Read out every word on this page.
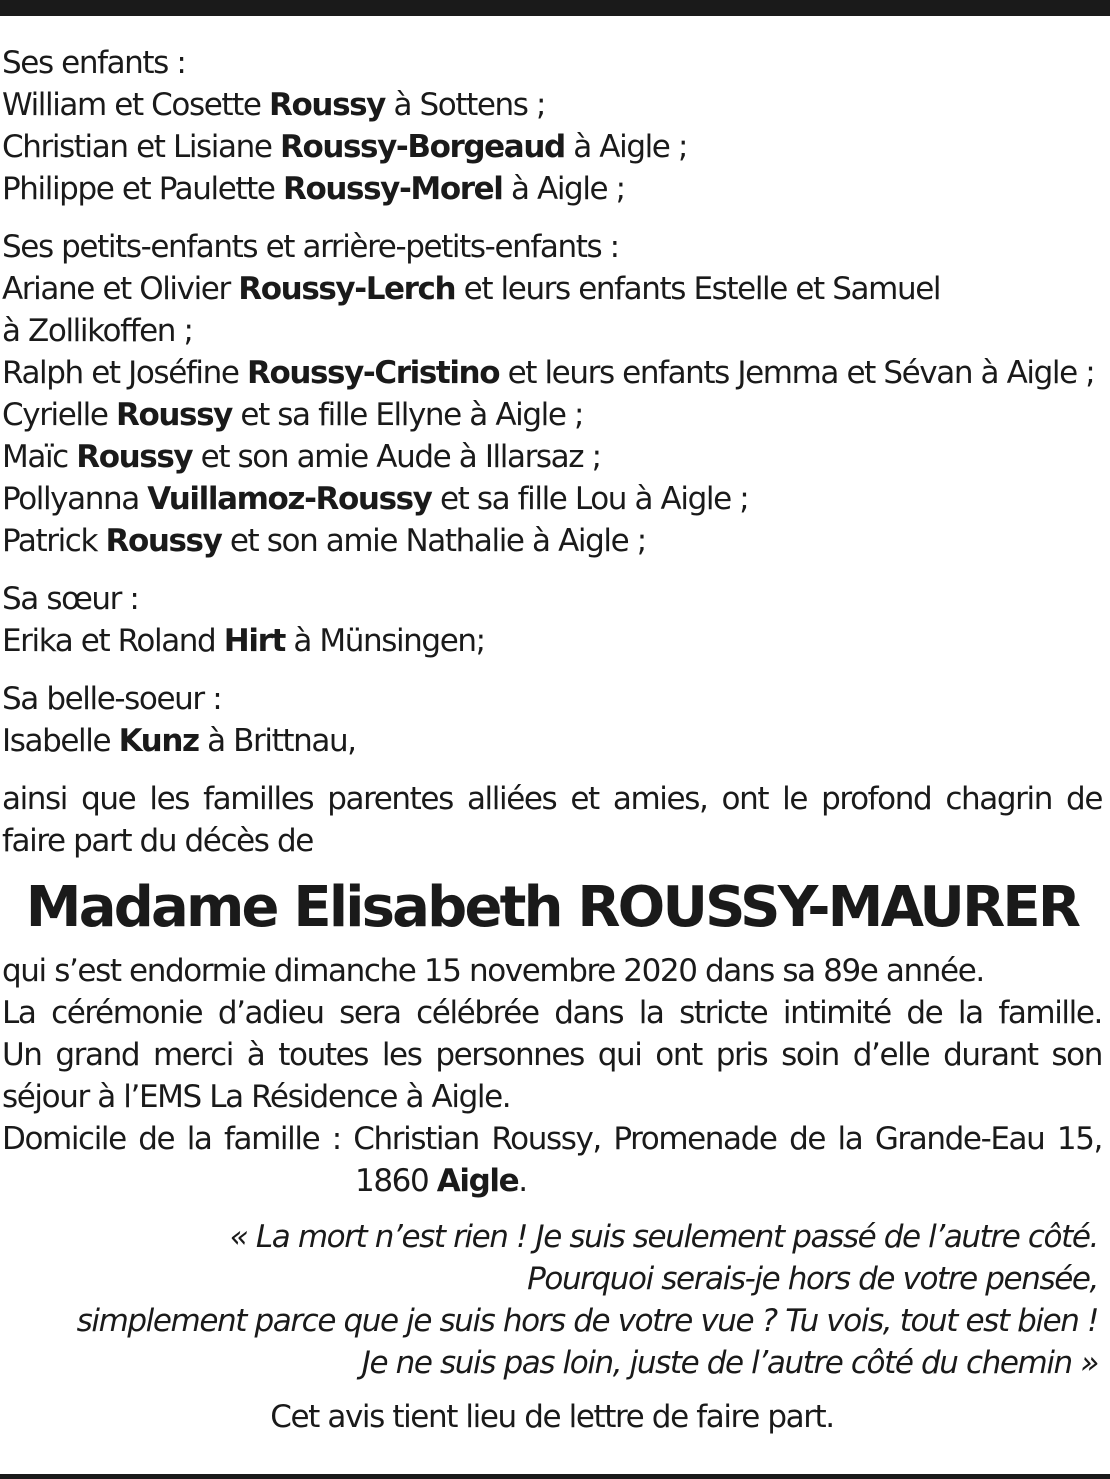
Ses enfants :
William et Cosette Roussy à Sottens ;
Christian et Lisiane Roussy-Borgeaud à Aigle ;
Philippe et Paulette Roussy-Morel à Aigle ;
Ses petits-enfants et arrière-petits-enfants :
Ariane et Olivier Roussy-Lerch et leurs enfants Estelle et Samuel
à Zollikoffen ;
Ralph et Joséfine Roussy-Cristino et leurs enfants Jemma et Sévan à Aigle ;
Cyrielle Roussy et sa fille Ellyne à Aigle ;
Maïc Roussy et son amie Aude à Illarsaz ;
Pollyanna Vuillamoz-Roussy et sa fille Lou à Aigle ;
Patrick Roussy et son amie Nathalie à Aigle ;
Sa sœur :
Erika et Roland Hirt à Münsingen;
Sa belle-soeur :
Isabelle Kunz à Brittnau,
ainsi que les familles parentes alliées et amies, ont le profond chagrin de
faire part du décès de
Madame Elisabeth ROUSSY-MAURER
qui s’est endormie dimanche 15 novembre 2020 dans sa 89e année.
La cérémonie d’adieu sera célébrée dans la stricte intimité de la famille.
Un grand merci à toutes les personnes qui ont pris soin d’elle durant son
séjour à l’EMS La Résidence à Aigle.
Domicile de la famille : Christian Roussy, Promenade de la Grande-Eau 15,
1860 Aigle.
« La mort n’est rien ! Je suis seulement passé de l’autre côté.
Pourquoi serais-je hors de votre pensée,
simplement parce que je suis hors de votre vue ? Tu vois, tout est bien !
Je ne suis pas loin, juste de l’autre côté du chemin »
Cet avis tient lieu de lettre de faire part.
